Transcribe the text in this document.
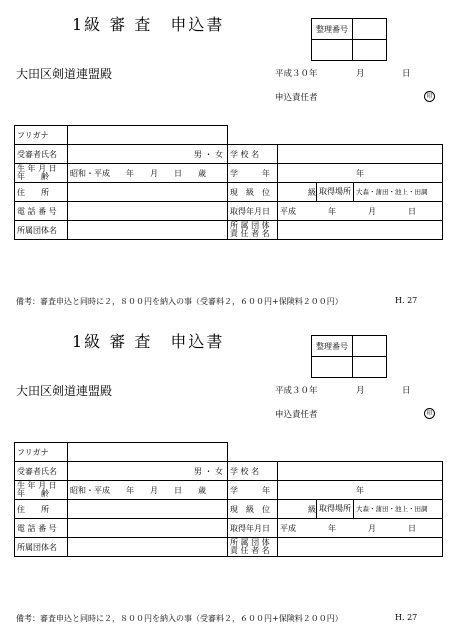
1級 審 査　申込書	整理番号	

大田区剣道連盟殿	平成３０年	月	日
申込責任者	印
フリガナ			
受審者氏名	男 ・ 女	学 校 名	

生 年 月 日
年　　齢	昭和・平成　　年　　月　　日　　歳	学　　　年	年
住　　所		現　級　位	級 取得場所 大森・蒲田・池上・田調

電 話 番 号		取得年月日	平成　　　　年　　　　月　　　　日
所属団体名		所 属 団 体
責 任 者 名	

備考：審査申込と同時に２，８００円を納入の事（受審料２，６００円+保険料２００円）	H. 27
1級 審 査　申込書	整理番号	

大田区剣道連盟殿	平成３０年	月	日
申込責任者	印
フリガナ			
受審者氏名	男 ・ 女	学 校 名	

生 年 月 日
年　　齢	昭和・平成　　年　　月　　日　　歳	学　　　年	年
住　　所		現　級　位	級 取得場所 大森・蒲田・池上・田調

電 話 番 号		取得年月日	平成　　　　年　　　　月　　　　日
所属団体名		所 属 団 体
責 任 者 名	

備考：審査申込と同時に２，８００円を納入の事（受審料２，６００円+保険料２００円）	H. 27
